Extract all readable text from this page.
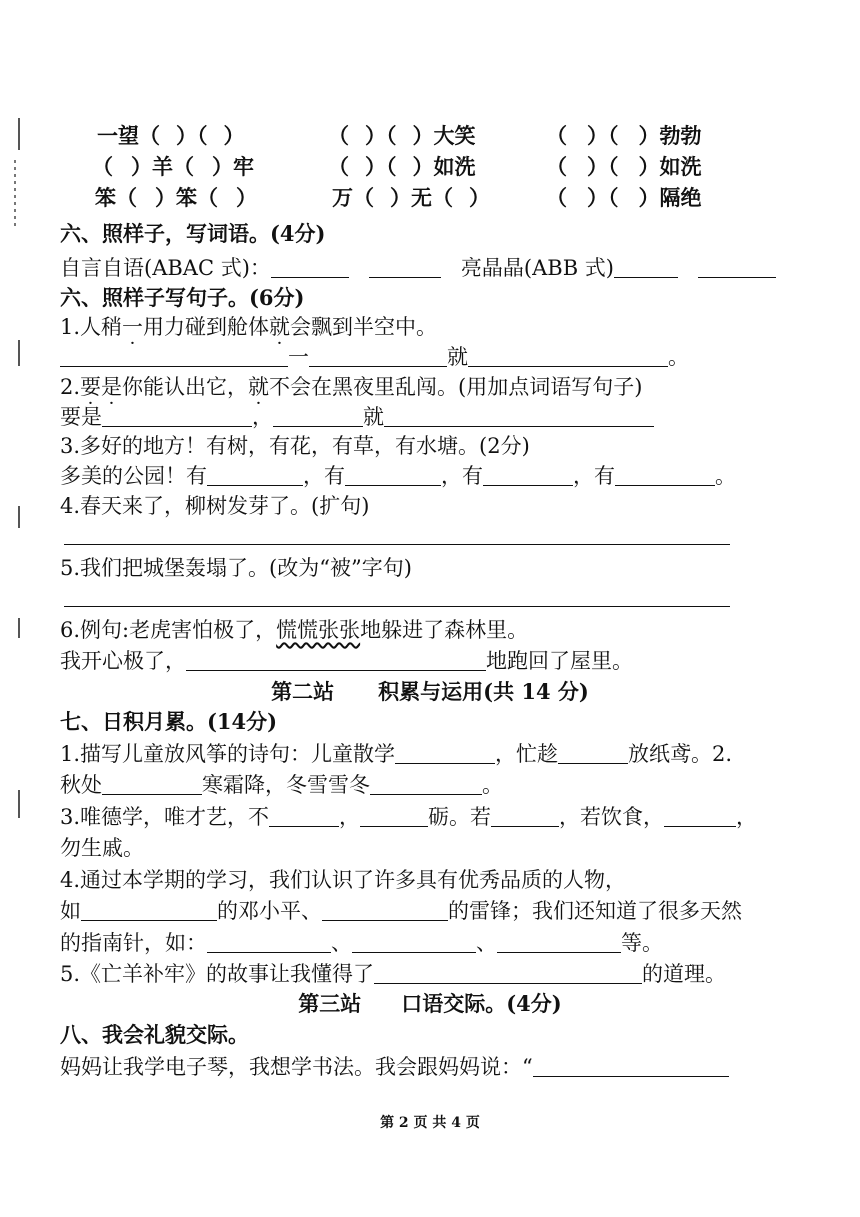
一望（ ）（ ）	（ ）（ ）大笑	（ ）（ ）勃勃
（ ）羊（ ）牢	（ ）（ ）如洗	（ ）（ ）如洗
笨（ ）笨（ ）	万（ ）无（ ）	（ ）（ ）隔绝
六、照样子，写词语。(4分)
自言自语(ABAC 式)：	亮晶晶(ABB 式)
六、照样子写句子。(6分)
1.人稍一用力碰到舱体就会飘到半空中。
一	就	。
2.要是你能认出它，就不会在黑夜里乱闯。(用加点词语写句子)
要是	，	就
3.多好的地方！有树，有花，有草，有水塘。(2分)
多美的公园！有	，有	，有	，有	。
4.春天来了，柳树发芽了。(扩句)
5.我们把城堡轰塌了。(改为“被”字句)
6.例句:老虎害怕极了，慌慌张张地躲进了森林里。
我开心极了，	地跑回了屋里。
第二站 积累与运用(共 14 分)
七、日积月累。(14分)
1.描写儿童放风筝的诗句：儿童散学	，忙趁	放纸鸢。2.
秋处	寒霜降，冬雪雪冬	。
3.唯德学，唯才艺，不	，	砺。若	，若饮食，	，
勿生戚。
4.通过本学期的学习，我们认识了许多具有优秀品质的人物，
如	的邓小平、	的雷锋；我们还知道了很多天然
的指南针，如：	、	、	等。
5.《亡羊补牢》的故事让我懂得了	的道理。
第三站 口语交际。(4分)
八、我会礼貌交际。
妈妈让我学电子琴，我想学书法。我会跟妈妈说：“
第 2 页 共 4 页
